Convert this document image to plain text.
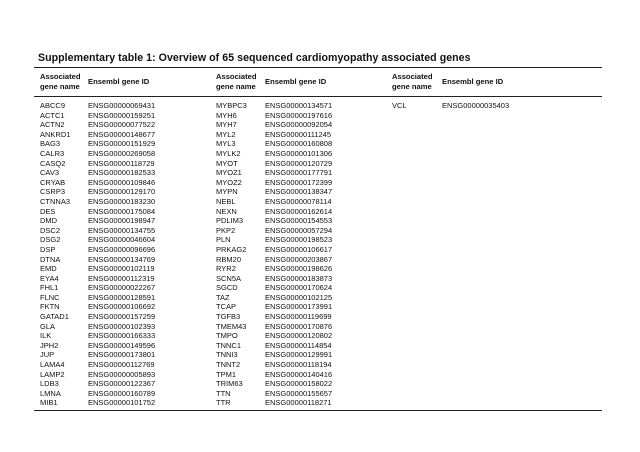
Supplementary table 1: Overview of 65 sequenced cardiomyopathy associated genes
Associated
gene name
Ensembl gene ID
Associated
gene name
Ensembl gene ID
Associated
gene name
Ensembl gene ID
ABCC9
ACTC1
ACTN2
ANKRD1
BAG3
CALR3
CASQ2
CAV3
CRYAB
CSRP3
CTNNA3
DES
DMD
DSC2
DSG2
DSP
DTNA
EMD
EYA4
FHL1
FLNC
FKTN
GATAD1
GLA
ILK
JPH2
JUP
LAMA4
LAMP2
LDB3
LMNA
MIB1
ENSG00000069431
ENSG00000159251
ENSG00000077522
ENSG00000148677
ENSG00000151929
ENSG00000269058
ENSG00000118729
ENSG00000182533
ENSG00000109846
ENSG00000129170
ENSG00000183230
ENSG00000175084
ENSG00000198947
ENSG00000134755
ENSG00000046604
ENSG00000096696
ENSG00000134769
ENSG00000102119
ENSG00000112319
ENSG00000022267
ENSG00000128591
ENSG00000106692
ENSG00000157259
ENSG00000102393
ENSG00000166333
ENSG00000149596
ENSG00000173801
ENSG00000112769
ENSG00000005893
ENSG00000122367
ENSG00000160789
ENSG00000101752
MYBPC3
MYH6
MYH7
MYL2
MYL3
MYLK2
MYOT
MYOZ1
MYOZ2
MYPN
NEBL
NEXN
PDLIM3
PKP2
PLN
PRKAG2
RBM20
RYR2
SCN5A
SGCD
TAZ
TCAP
TGFB3
TMEM43
TMPO
TNNC1
TNNI3
TNNT2
TPM1
TRIM63
TTN
TTR
ENSG00000134571
ENSG00000197616
ENSG00000092054
ENSG00000111245
ENSG00000160808
ENSG00000101306
ENSG00000120729
ENSG00000177791
ENSG00000172399
ENSG00000138347
ENSG00000078114
ENSG00000162614
ENSG00000154553
ENSG00000057294
ENSG00000198523
ENSG00000106617
ENSG00000203867
ENSG00000198626
ENSG00000183873
ENSG00000170624
ENSG00000102125
ENSG00000173991
ENSG00000119699
ENSG00000170876
ENSG00000120802
ENSG00000114854
ENSG00000129991
ENSG00000118194
ENSG00000140416
ENSG00000158022
ENSG00000155657
ENSG00000118271
VCL	ENSG00000035403
